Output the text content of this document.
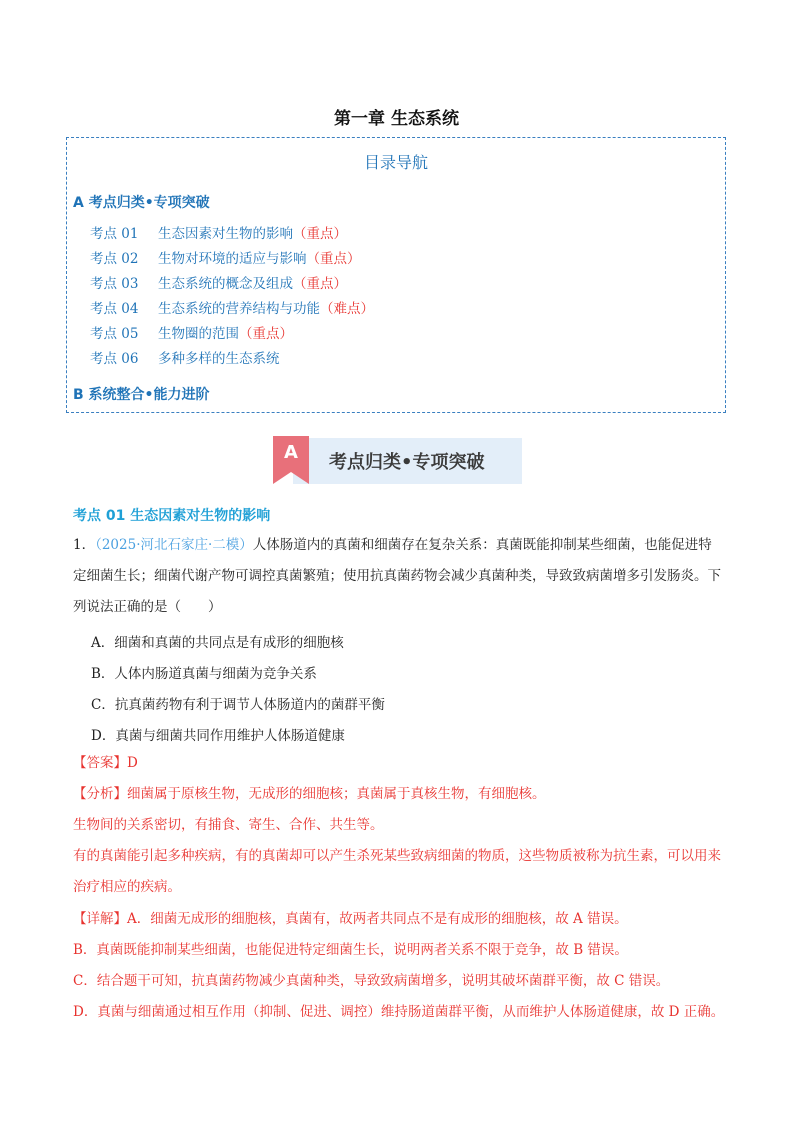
第一章 生态系统
目录导航
A 考点归类•专项突破
考点 01 生态因素对生物的影响（重点）
考点 02 生物对环境的适应与影响（重点）
考点 03 生态系统的概念及组成（重点）
考点 04 生态系统的营养结构与功能（难点）
考点 05 生物圈的范围（重点）
考点 06 多种多样的生态系统
B 系统整合•能力进阶
A 考点归类•专项突破
考点 01 生态因素对生物的影响
1．（2025·河北石家庄·二模）人体肠道内的真菌和细菌存在复杂关系：真菌既能抑制某些细菌，也能促进特定细菌生长；细菌代谢产物可调控真菌繁殖；使用抗真菌药物会减少真菌种类，导致致病菌增多引发肠炎。下列说法正确的是（　　）
A．细菌和真菌的共同点是有成形的细胞核
B．人体内肠道真菌与细菌为竞争关系
C．抗真菌药物有利于调节人体肠道内的菌群平衡
D．真菌与细菌共同作用维护人体肠道健康
【答案】D
【分析】细菌属于原核生物，无成形的细胞核；真菌属于真核生物，有细胞核。
生物间的关系密切，有捕食、寄生、合作、共生等。
有的真菌能引起多种疾病，有的真菌却可以产生杀死某些致病细菌的物质，这些物质被称为抗生素，可以用来治疗相应的疾病。
【详解】A．细菌无成形的细胞核，真菌有，故两者共同点不是有成形的细胞核，故 A 错误。
B．真菌既能抑制某些细菌，也能促进特定细菌生长，说明两者关系不限于竞争，故 B 错误。
C．结合题干可知，抗真菌药物减少真菌种类，导致致病菌增多，说明其破坏菌群平衡，故 C 错误。
D．真菌与细菌通过相互作用（抑制、促进、调控）维持肠道菌群平衡，从而维护人体肠道健康，故 D 正确。
